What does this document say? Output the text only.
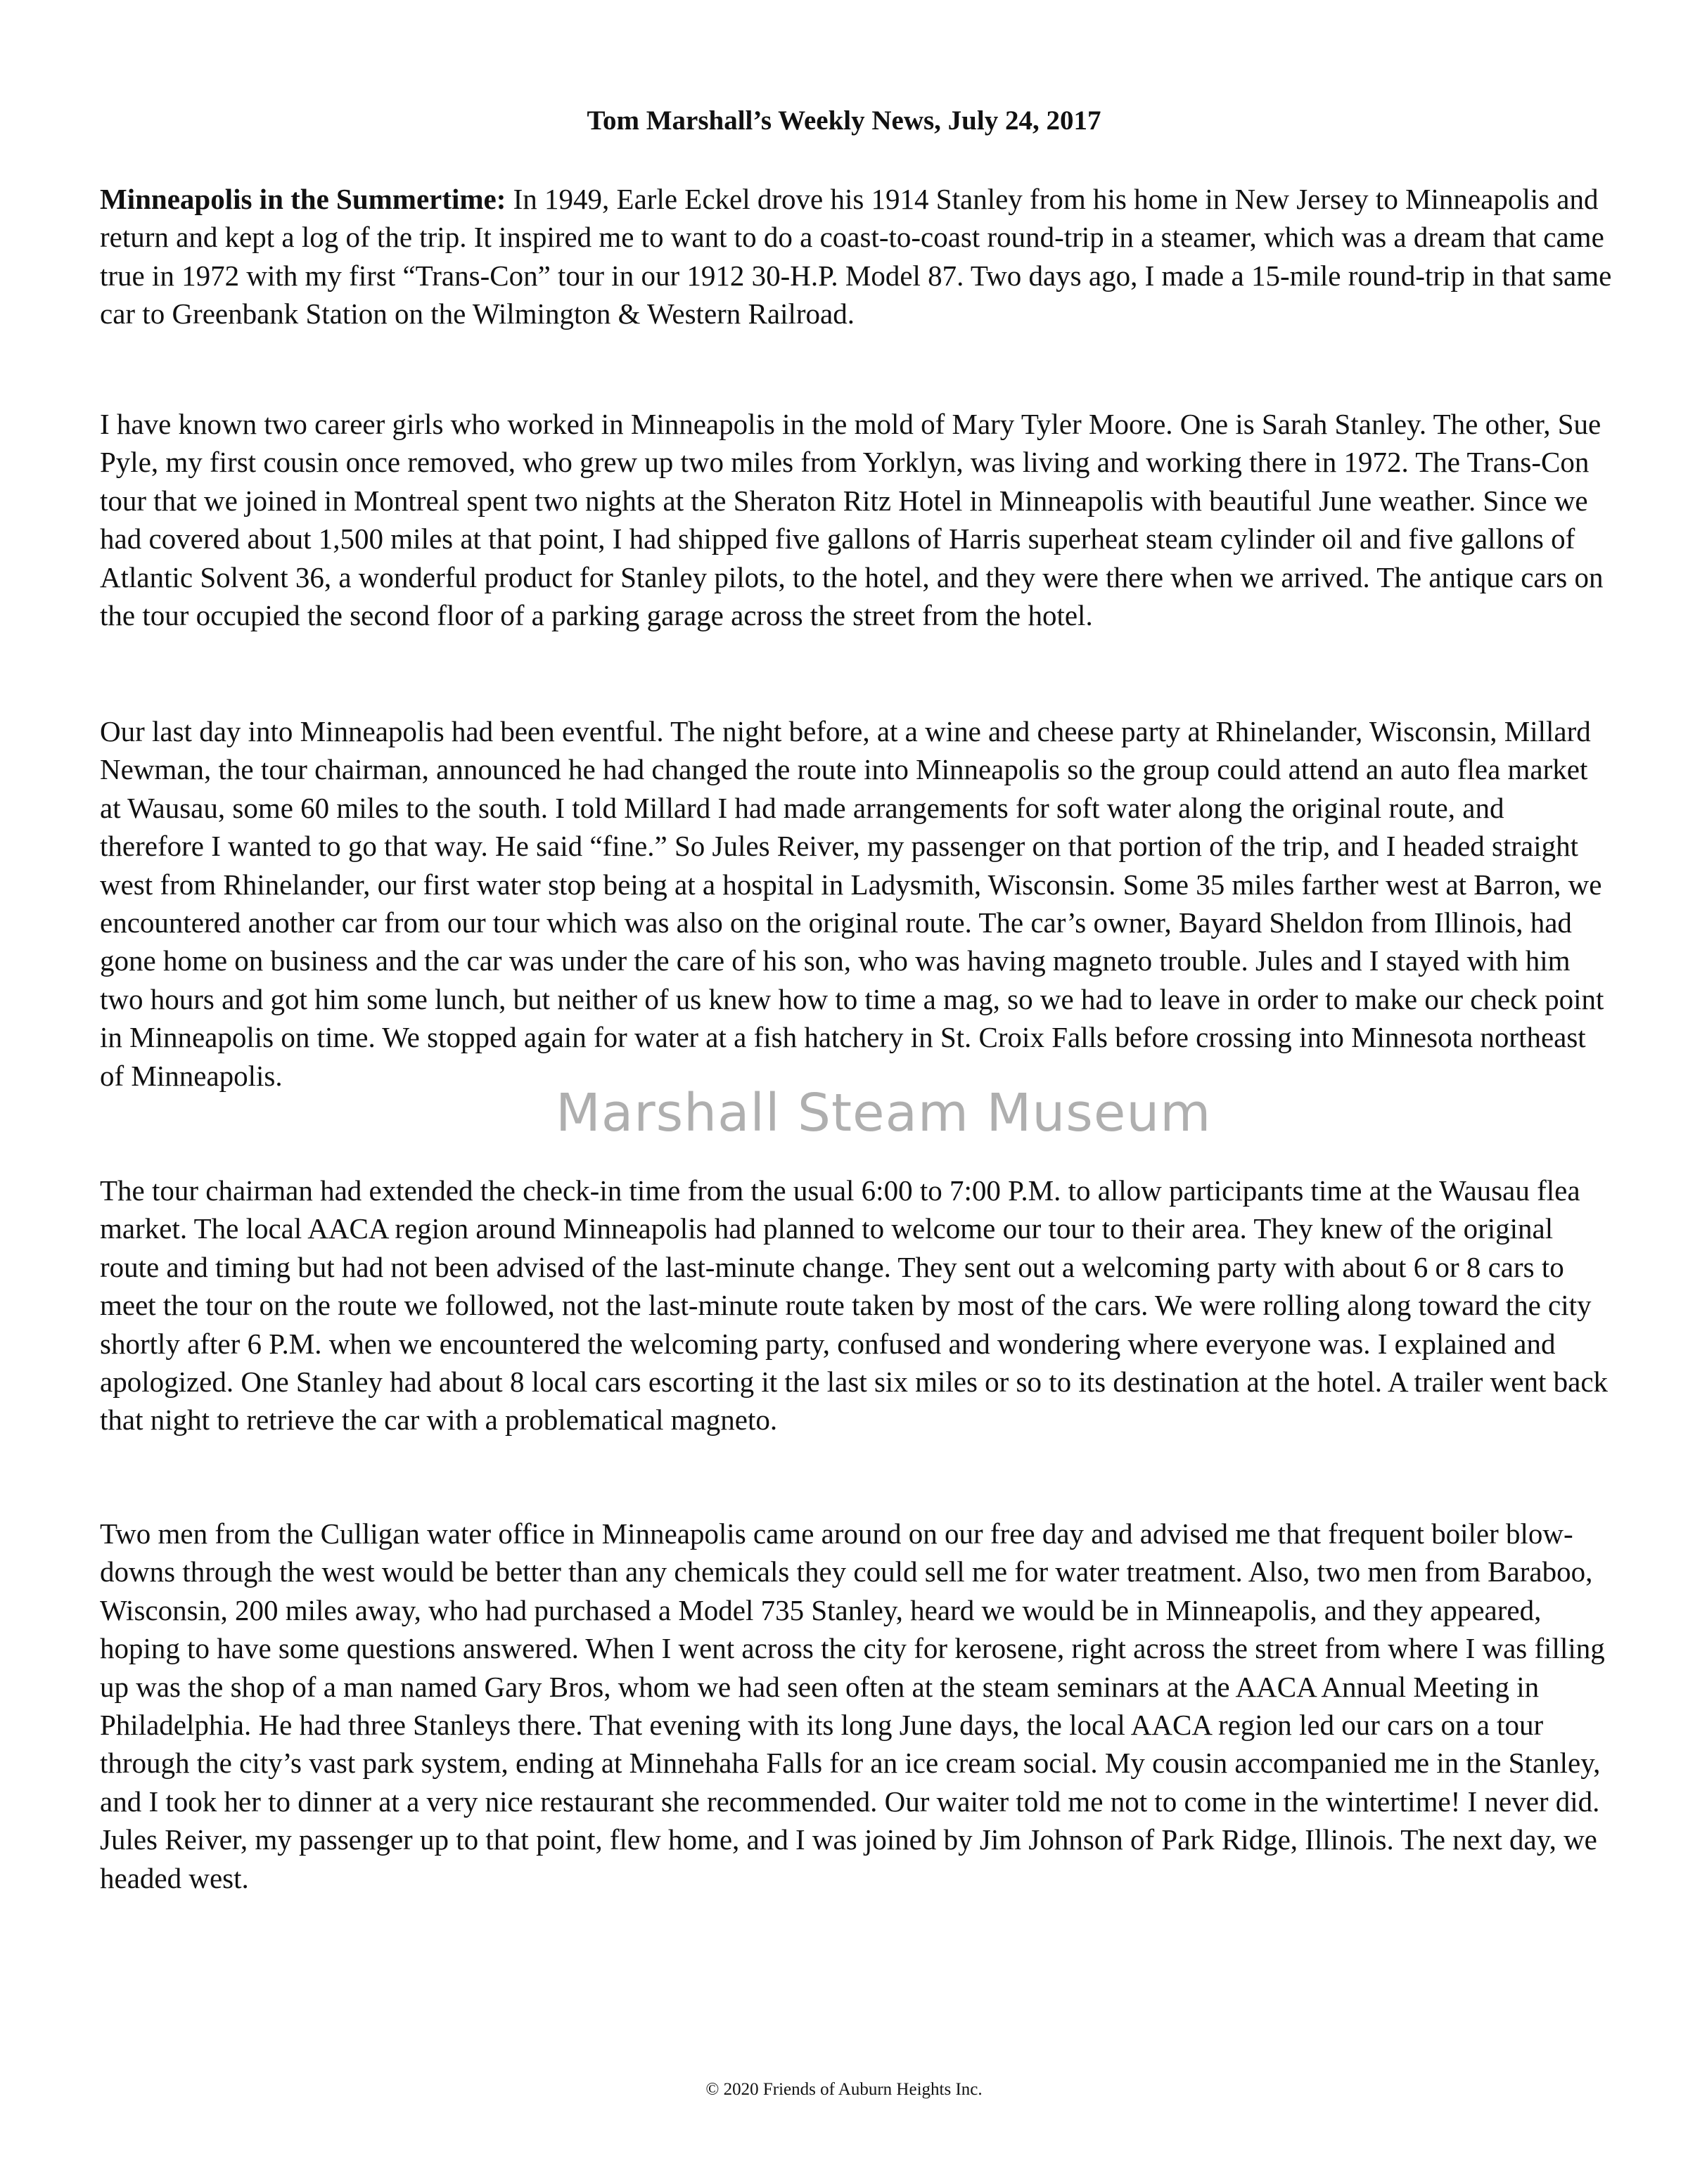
Tom Marshall’s Weekly News, July 24, 2017

Minneapolis in the Summertime: In 1949, Earle Eckel drove his 1914 Stanley from his home in New Jersey to Minneapolis and return and kept a log of the trip. It inspired me to want to do a coast-to-coast round-trip in a steamer, which was a dream that came true in 1972 with my first “Trans-Con” tour in our 1912 30-H.P. Model 87. Two days ago, I made a 15-mile round-trip in that same car to Greenbank Station on the Wilmington & Western Railroad.

I have known two career girls who worked in Minneapolis in the mold of Mary Tyler Moore. One is Sarah Stanley. The other, Sue Pyle, my first cousin once removed, who grew up two miles from Yorklyn, was living and working there in 1972. The Trans-Con tour that we joined in Montreal spent two nights at the Sheraton Ritz Hotel in Minneapolis with beautiful June weather. Since we had covered about 1,500 miles at that point, I had shipped five gallons of Harris superheat steam cylinder oil and five gallons of Atlantic Solvent 36, a wonderful product for Stanley pilots, to the hotel, and they were there when we arrived. The antique cars on the tour occupied the second floor of a parking garage across the street from the hotel.

Our last day into Minneapolis had been eventful. The night before, at a wine and cheese party at Rhinelander, Wisconsin, Millard Newman, the tour chairman, announced he had changed the route into Minneapolis so the group could attend an auto flea market at Wausau, some 60 miles to the south. I told Millard I had made arrangements for soft water along the original route, and therefore I wanted to go that way. He said “fine.” So Jules Reiver, my passenger on that portion of the trip, and I headed straight west from Rhinelander, our first water stop being at a hospital in Ladysmith, Wisconsin. Some 35 miles farther west at Barron, we encountered another car from our tour which was also on the original route. The car’s owner, Bayard Sheldon from Illinois, had gone home on business and the car was under the care of his son, who was having magneto trouble. Jules and I stayed with him two hours and got him some lunch, but neither of us knew how to time a mag, so we had to leave in order to make our check point in Minneapolis on time. We stopped again for water at a fish hatchery in St. Croix Falls before crossing into Minnesota northeast of Minneapolis.

The tour chairman had extended the check-in time from the usual 6:00 to 7:00 P.M. to allow participants time at the Wausau flea market. The local AACA region around Minneapolis had planned to welcome our tour to their area. They knew of the original route and timing but had not been advised of the last-minute change. They sent out a welcoming party with about 6 or 8 cars to meet the tour on the route we followed, not the last-minute route taken by most of the cars. We were rolling along toward the city shortly after 6 P.M. when we encountered the welcoming party, confused and wondering where everyone was. I explained and apologized. One Stanley had about 8 local cars escorting it the last six miles or so to its destination at the hotel. A trailer went back that night to retrieve the car with a problematical magneto.

Two men from the Culligan water office in Minneapolis came around on our free day and advised me that frequent boiler blow-downs through the west would be better than any chemicals they could sell me for water treatment. Also, two men from Baraboo, Wisconsin, 200 miles away, who had purchased a Model 735 Stanley, heard we would be in Minneapolis, and they appeared, hoping to have some questions answered. When I went across the city for kerosene, right across the street from where I was filling up was the shop of a man named Gary Bros, whom we had seen often at the steam seminars at the AACA Annual Meeting in Philadelphia. He had three Stanleys there. That evening with its long June days, the local AACA region led our cars on a tour through the city’s vast park system, ending at Minnehaha Falls for an ice cream social. My cousin accompanied me in the Stanley, and I took her to dinner at a very nice restaurant she recommended. Our waiter told me not to come in the wintertime! I never did. Jules Reiver, my passenger up to that point, flew home, and I was joined by Jim Johnson of Park Ridge, Illinois. The next day, we headed west.

Marshall Steam Museum
© 2020 Friends of Auburn Heights Inc.
